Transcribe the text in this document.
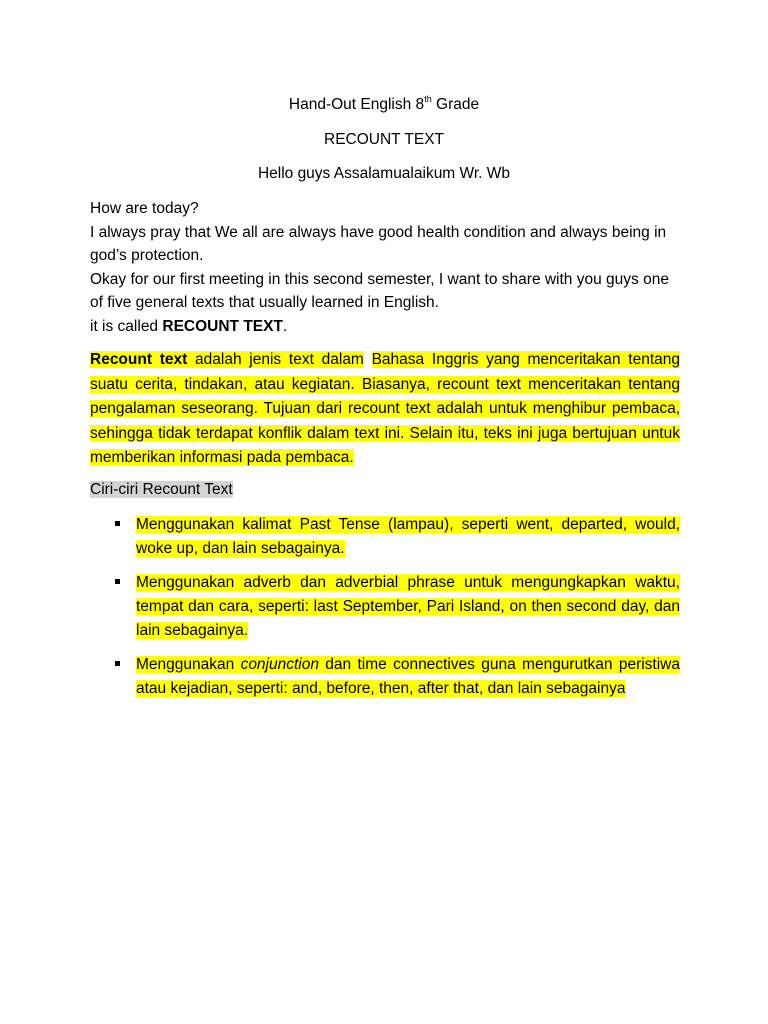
Hand-Out English 8th Grade
RECOUNT TEXT
Hello guys Assalamualaikum Wr. Wb

How are today?

I always pray that We all are always have good health condition and always being in god’s protection.

Okay for our first meeting in this second semester, I want to share with you guys one of five general texts that usually learned in English.

it is called RECOUNT TEXT.

Recount text adalah jenis text dalam Bahasa Inggris yang menceritakan tentang suatu cerita, tindakan, atau kegiatan. Biasanya, recount text menceritakan tentang pengalaman seseorang. Tujuan dari recount text adalah untuk menghibur pembaca, sehingga tidak terdapat konflik dalam text ini. Selain itu, teks ini juga bertujuan untuk memberikan informasi pada pembaca.

Ciri-ciri Recount Text
Menggunakan kalimat Past Tense (lampau), seperti went, departed, would, woke up, dan lain sebagainya.
Menggunakan adverb dan adverbial phrase untuk mengungkapkan waktu, tempat dan cara, seperti: last September, Pari Island, on then second day, dan lain sebagainya.
Menggunakan conjunction dan time connectives guna mengurutkan peristiwa atau kejadian, seperti: and, before, then, after that, dan lain sebagainya
